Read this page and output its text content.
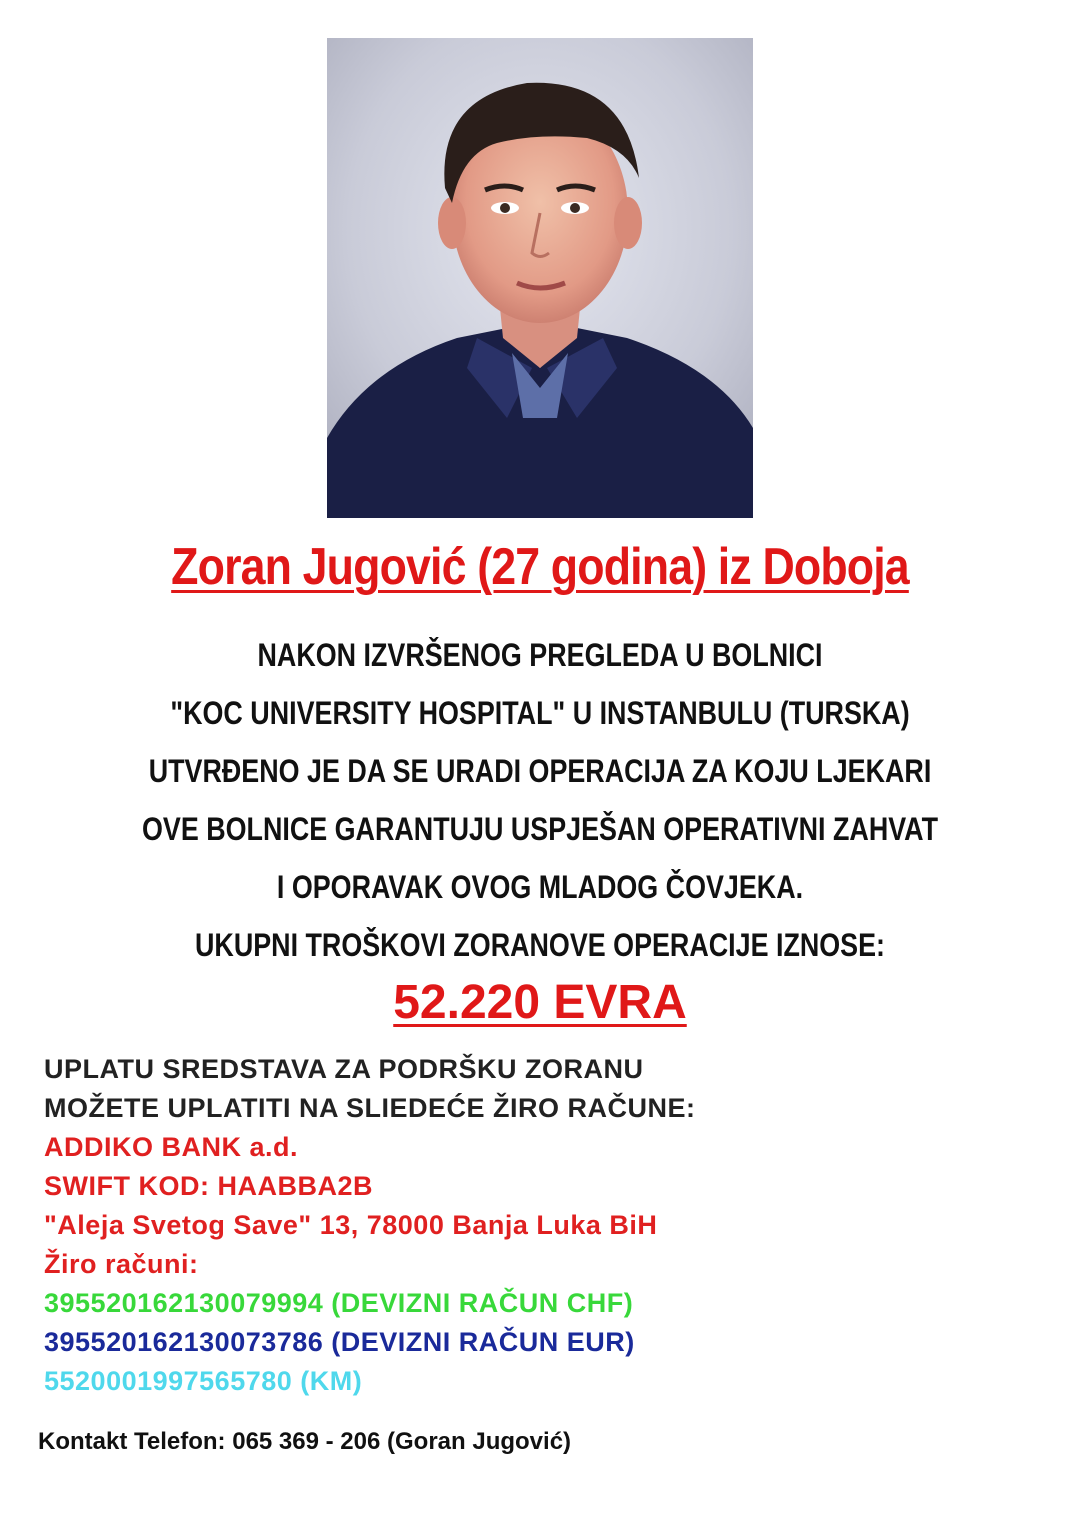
Zoran Jugović (27 godina) iz Doboja
NAKON IZVRŠENOG PREGLEDA U BOLNICI
"KOC UNIVERSITY HOSPITAL" U INSTANBULU (TURSKA)
UTVRĐENO JE DA SE URADI OPERACIJA ZA KOJU LJEKARI
OVE BOLNICE GARANTUJU USPJEŠAN OPERATIVNI ZAHVAT
I OPORAVAK OVOG MLADOG ČOVJEKA.
UKUPNI TROŠKOVI ZORANOVE OPERACIJE IZNOSE:
52.220 EVRA
UPLATU SREDSTAVA ZA PODRŠKU ZORANU
MOŽETE UPLATITI NA SLIEDEĆE ŽIRO RAČUNE:
ADDIKO BANK a.d.
SWIFT KOD: HAABBA2B
"Aleja Svetog Save" 13, 78000 Banja Luka BiH
Žiro računi:
395520162130079994 (DEVIZNI RAČUN CHF)
395520162130073786 (DEVIZNI RAČUN EUR)
5520001997565780 (KM)
Kontakt Telefon: 065 369 - 206 (Goran Jugović)
